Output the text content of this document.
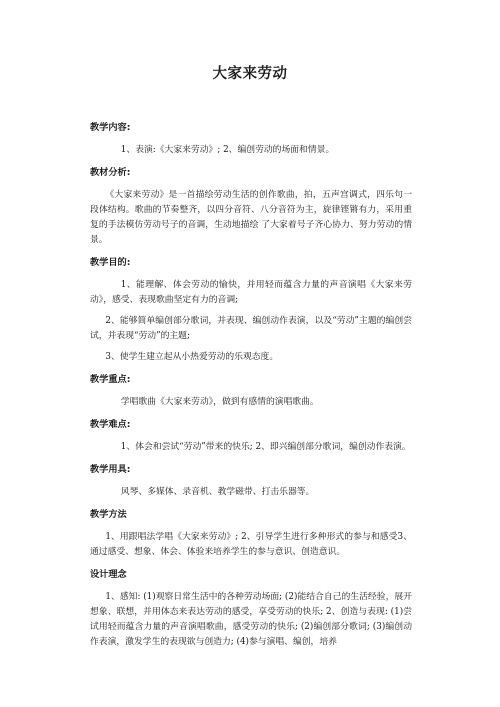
大家来劳动
教学内容:
1、表演:《大家来劳动》; 2、编创劳动的场面和情景。
教材分析:
《大家来劳动》是一首描绘劳动生活的创作歌曲，拍，五声宫调式，四乐句一段体结构。歌曲的节奏整齐，以四分音符、八分音符为主，旋律铿锵有力，采用重复的手法模仿劳动号子的音调，生动地描绘 了大家着号子齐心协力、努力劳动的情景。
教学目的:
1、能理解、体会劳动的愉快，并用轻而蕴含力量的声音演唱《大家来劳动》，感受、表现歌曲坚定有力的音调;
2、能够简单编创部分歌词，并表现、编创动作表演，以及“劳动”主题的编创尝试，并表现“劳动”的主题;
3、使学生建立起从小热爱劳动的乐观态度。
教学重点:
学唱歌曲《大家来劳动》，做到有感情的演唱歌曲。
教学难点:
1、体会和尝试“劳动”带来的快乐; 2、即兴编创部分歌词，编创动作表演。
教学用具:
风琴、多媒体、录音机、教学磁带、打击乐器等。
教学方法
1、用跟唱法学唱《大家来劳动》; 2、引导学生进行多种形式的参与和感受3、通过感受、想象、体会、体验来培养学生的参与意识、创造意识。
设计理念
1、感知: (1)观察日常生活中的各种劳动场面; (2)能结合自己的生活经验，展开想象、联想，并用体态来表达劳动的感受，享受劳动的快乐; 2、创造与表现: (1)尝试用轻而蕴含力量的声音演唱歌曲，感受劳动的快乐; (2)编创部分歌词; (3)编创动作表演，激发学生的表现欲与创造力; (4)参与演唱、编创，培养
